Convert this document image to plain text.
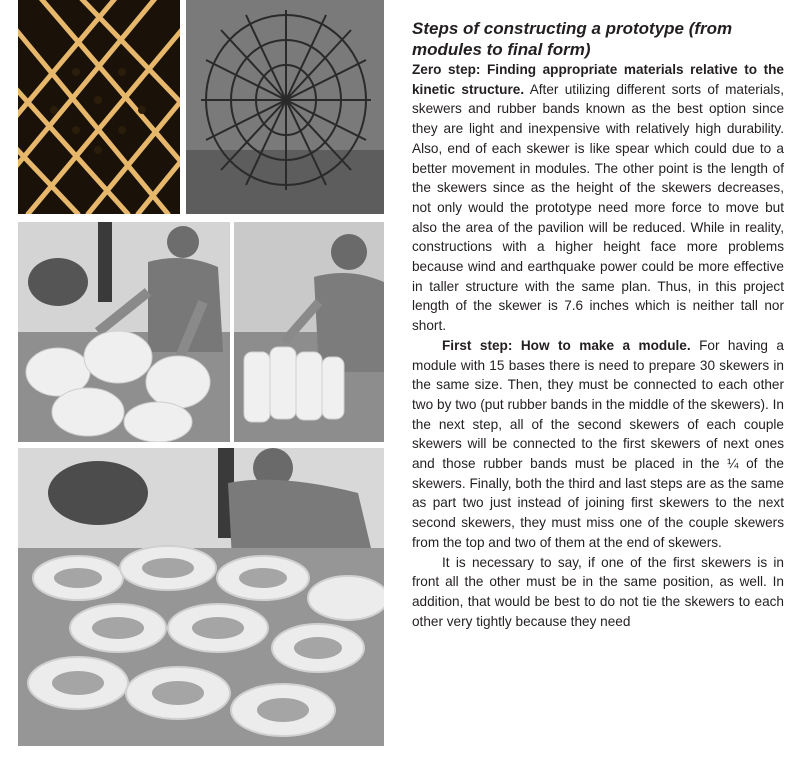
Steps of constructing a prototype (from modules to final form)

Zero step: Finding appropriate materials relative to the kinetic structure. After utilizing different sorts of materials, skewers and rubber bands known as the best option since they are light and inexpensive with relatively high durability. Also, end of each skewer is like spear which could due to a better movement in modules. The other point is the length of the skewers since as the height of the skewers decreases, not only would the prototype need more force to move but also the area of the pavilion will be reduced. While in reality, constructions with a higher height face more problems because wind and earthquake power could be more effective in taller structure with the same plan. Thus, in this project length of the skewer is 7.6 inches which is neither tall nor short.

First step: How to make a module. For having a module with 15 bases there is need to prepare 30 skewers in the same size. Then, they must be connected to each other two by two (put rubber bands in the middle of the skewers). In the next step, all of the second skewers of each couple skewers will be connected to the first skewers of next ones and those rubber bands must be placed in the ¼ of the skewers. Finally, both the third and last steps are as the same as part two just instead of joining first skewers to the next second skewers, they must miss one of the couple skewers from the top and two of them at the end of skewers.

It is necessary to say, if one of the first skewers is in front all the other must be in the same position, as well. In addition, that would be best to do not tie the skewers to each other very tightly because they need
